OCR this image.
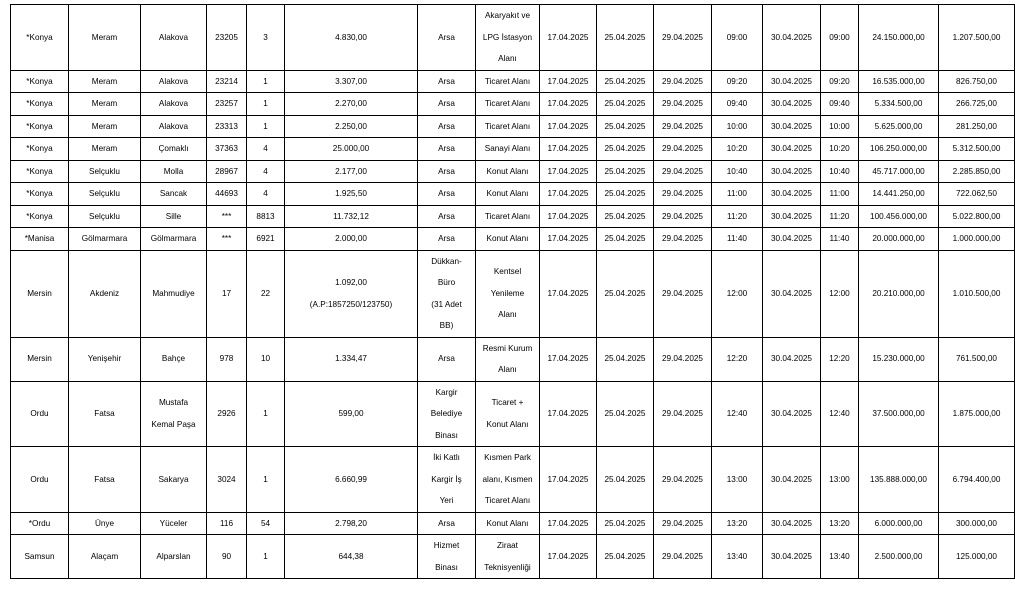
*Konya	Meram	Alakova	23205	3	4.830,00	Arsa	Akaryakıt ve
LPG İstasyon
Alanı	17.04.2025	25.04.2025	29.04.2025	09:00	30.04.2025	09:00	24.150.000,00	1.207.500,00
*Konya	Meram	Alakova	23214	1	3.307,00	Arsa	Ticaret Alanı	17.04.2025	25.04.2025	29.04.2025	09:20	30.04.2025	09:20	16.535.000,00	826.750,00
*Konya	Meram	Alakova	23257	1	2.270,00	Arsa	Ticaret Alanı	17.04.2025	25.04.2025	29.04.2025	09:40	30.04.2025	09:40	5.334.500,00	266.725,00
*Konya	Meram	Alakova	23313	1	2.250,00	Arsa	Ticaret Alanı	17.04.2025	25.04.2025	29.04.2025	10:00	30.04.2025	10:00	5.625.000,00	281.250,00
*Konya	Meram	Çomaklı	37363	4	25.000,00	Arsa	Sanayi Alanı	17.04.2025	25.04.2025	29.04.2025	10:20	30.04.2025	10:20	106.250.000,00	5.312.500,00
*Konya	Selçuklu	Molla	28967	4	2.177,00	Arsa	Konut Alanı	17.04.2025	25.04.2025	29.04.2025	10:40	30.04.2025	10:40	45.717.000,00	2.285.850,00
*Konya	Selçuklu	Sancak	44693	4	1.925,50	Arsa	Konut Alanı	17.04.2025	25.04.2025	29.04.2025	11:00	30.04.2025	11:00	14.441.250,00	722.062,50
*Konya	Selçuklu	Sille	***	8813	11.732,12	Arsa	Ticaret Alanı	17.04.2025	25.04.2025	29.04.2025	11:20	30.04.2025	11:20	100.456.000,00	5.022.800,00
*Manisa	Gölmarmara	Gölmarmara	***	6921	2.000,00	Arsa	Konut Alanı	17.04.2025	25.04.2025	29.04.2025	11:40	30.04.2025	11:40	20.000.000,00	1.000.000,00
Mersin	Akdeniz	Mahmudiye	17	22	1.092,00
(A.P:1857250/123750)	Dükkan-
Büro
(31 Adet
BB)	Kentsel
Yenileme
Alanı	17.04.2025	25.04.2025	29.04.2025	12:00	30.04.2025	12:00	20.210.000,00	1.010.500,00
Mersin	Yenişehir	Bahçe	978	10	1.334,47	Arsa	Resmi Kurum
Alanı	17.04.2025	25.04.2025	29.04.2025	12:20	30.04.2025	12:20	15.230.000,00	761.500,00
Ordu	Fatsa	Mustafa
Kemal Paşa	2926	1	599,00	Kargir
Belediye
Binası	Ticaret +
Konut Alanı	17.04.2025	25.04.2025	29.04.2025	12:40	30.04.2025	12:40	37.500.000,00	1.875.000,00
Ordu	Fatsa	Sakarya	3024	1	6.660,99	İki Katlı
Kargir İş
Yeri	Kısmen Park
alanı, Kısmen
Ticaret Alanı	17.04.2025	25.04.2025	29.04.2025	13:00	30.04.2025	13:00	135.888.000,00	6.794.400,00
*Ordu	Ünye	Yüceler	116	54	2.798,20	Arsa	Konut Alanı	17.04.2025	25.04.2025	29.04.2025	13:20	30.04.2025	13:20	6.000.000,00	300.000,00
Samsun	Alaçam	Alparslan	90	1	644,38	Hizmet
Binası	Ziraat
Teknisyenliği	17.04.2025	25.04.2025	29.04.2025	13:40	30.04.2025	13:40	2.500.000,00	125.000,00
